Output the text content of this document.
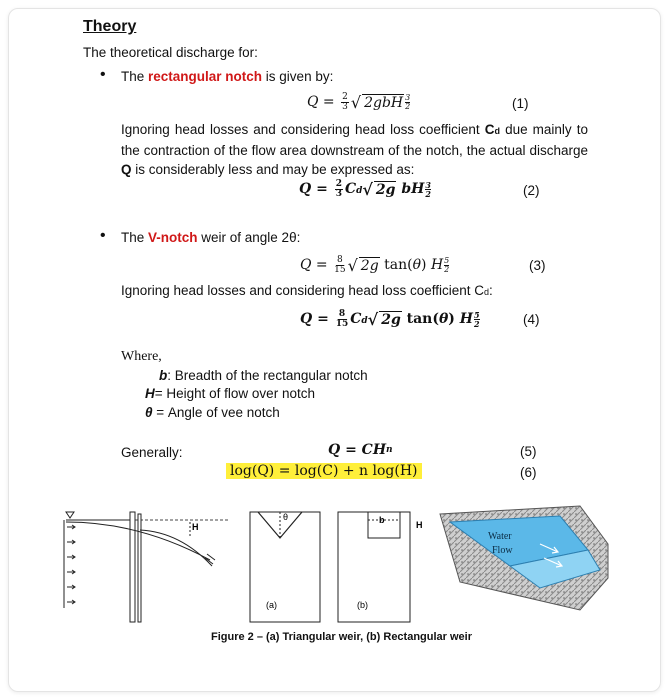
Theory
The theoretical discharge for:
• The rectangular notch is given by:
$Q = \frac{2}{3}$ √ 2gbH 3
2	(1)
Ignoring head losses and considering head loss coefficient Cd due mainly to the contraction of the flow area downstream of the notch, the actual discharge Q is considerably less and may be expressed as:
$Q = \frac{2}{3}$ Cd √ 2g
bH 3
2	(2)
• The V-notch weir of angle 2θ:
$Q = \frac{8}{15}$ √ 2g tan( θ ) H 5
2	(3)
Ignoring head losses and considering head loss coefficient Cd:
$Q = \frac{8}{15}$ Cd √ 2g tan( θ ) H 5
2	(4)
Where,
b: Breadth of the rectangular notch
H= Height of flow over notch
θ = Angle of vee notch
Generally:	Q = CH n
log(Q) = log(C) + n log(H)
(5)
(6)
H
θ
(a)
b	H
(b)
Water
Flow
Figure 2 – (a) Triangular weir, (b) Rectangular weir
